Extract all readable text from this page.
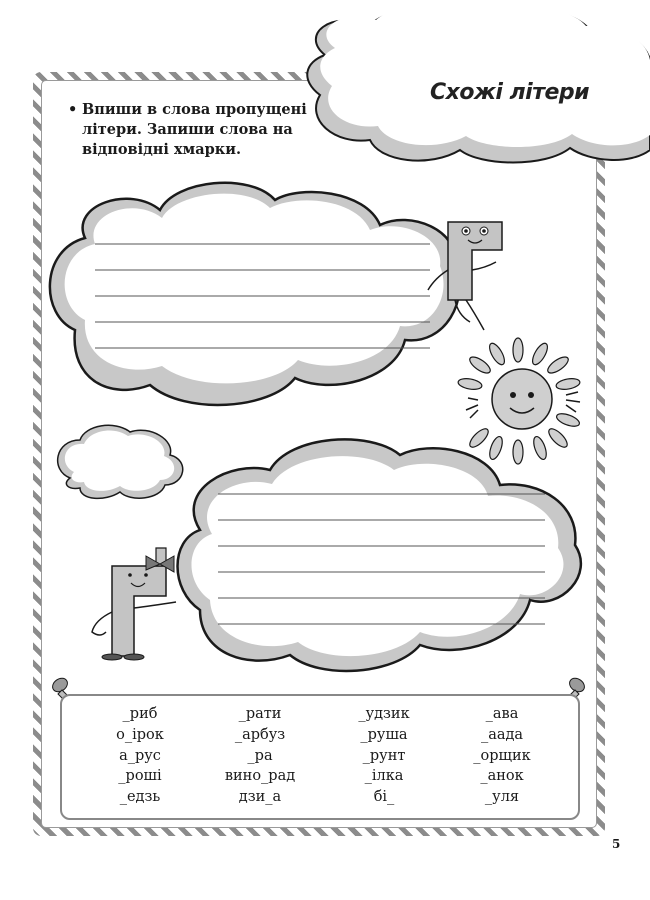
Схожі літери
• Впиши в слова пропущені літери. Запиши слова на відповідні хмарки.
_риб
о_ірок
а_рус
_роші
_едзь
_рати
_арбуз
_ра
вино_рад
дзи_а
_удзик
_руша
_рунт
_ілка
бі_
_ава
_аада
_орщик
_анок
_уля
5
